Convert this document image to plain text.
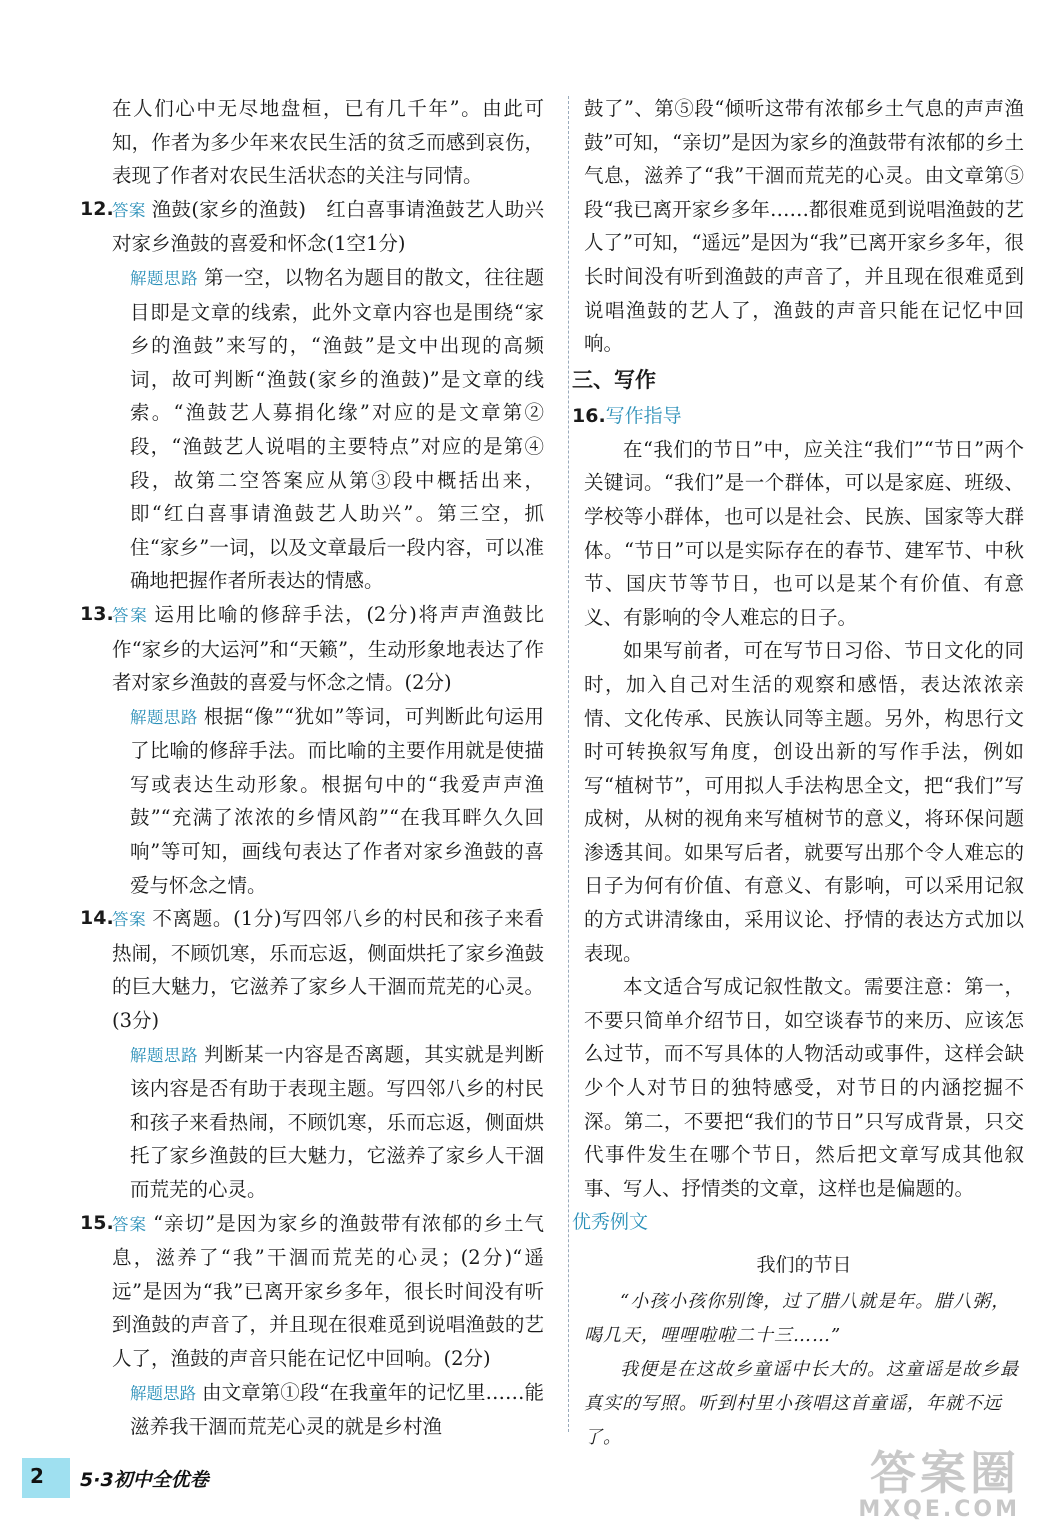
在人们心中无尽地盘桓，已有几千年”。由此可知，作者为多少年来农民生活的贫乏而感到哀伤，表现了作者对农民生活状态的关注与同情。

12.
答案 渔鼓(家乡的渔鼓)　红白喜事请渔鼓艺人助兴　对家乡渔鼓的喜爱和怀念(1空1分)

解题思路 第一空，以物名为题目的散文，往往题目即是文章的线索，此外文章内容也是围绕“家乡的渔鼓”来写的，“渔鼓”是文中出现的高频词，故可判断“渔鼓(家乡的渔鼓)”是文章的线索。“渔鼓艺人募捐化缘”对应的是文章第②段，“渔鼓艺人说唱的主要特点”对应的是第④段，故第二空答案应从第③段中概括出来，即“红白喜事请渔鼓艺人助兴”。第三空，抓住“家乡”一词，以及文章最后一段内容，可以准确地把握作者所表达的情感。

13.
答案 运用比喻的修辞手法，(2分)将声声渔鼓比作“家乡的大运河”和“天籁”，生动形象地表达了作者对家乡渔鼓的喜爱与怀念之情。(2分)

解题思路 根据“像”“犹如”等词，可判断此句运用了比喻的修辞手法。而比喻的主要作用就是使描写或表达生动形象。根据句中的“我爱声声渔鼓”“充满了浓浓的乡情风韵”“在我耳畔久久回响”等可知，画线句表达了作者对家乡渔鼓的喜爱与怀念之情。

14.
答案 不离题。(1分)写四邻八乡的村民和孩子来看热闹，不顾饥寒，乐而忘返，侧面烘托了家乡渔鼓的巨大魅力，它滋养了家乡人干涸而荒芜的心灵。(3分)

解题思路 判断某一内容是否离题，其实就是判断该内容是否有助于表现主题。写四邻八乡的村民和孩子来看热闹，不顾饥寒，乐而忘返，侧面烘托了家乡渔鼓的巨大魅力，它滋养了家乡人干涸而荒芜的心灵。

15.
答案 “亲切”是因为家乡的渔鼓带有浓郁的乡土气息，滋养了“我”干涸而荒芜的心灵；(2分)“遥远”是因为“我”已离开家乡多年，很长时间没有听到渔鼓的声音了，并且现在很难觅到说唱渔鼓的艺人了，渔鼓的声音只能在记忆中回响。(2分)

解题思路 由文章第①段“在我童年的记忆里……能滋养我干涸而荒芜心灵的就是乡村渔

鼓了”、第⑤段“倾听这带有浓郁乡土气息的声声渔鼓”可知，“亲切”是因为家乡的渔鼓带有浓郁的乡土气息，滋养了“我”干涸而荒芜的心灵。由文章第⑤段“我已离开家乡多年……都很难觅到说唱渔鼓的艺人了”可知，“遥远”是因为“我”已离开家乡多年，很长时间没有听到渔鼓的声音了，并且现在很难觅到说唱渔鼓的艺人了，渔鼓的声音只能在记忆中回响。

三、写作

16.写作指导

在“我们的节日”中，应关注“我们”“节日”两个关键词。“我们”是一个群体，可以是家庭、班级、学校等小群体，也可以是社会、民族、国家等大群体。“节日”可以是实际存在的春节、建军节、中秋节、国庆节等节日，也可以是某个有价值、有意义、有影响的令人难忘的日子。

如果写前者，可在写节日习俗、节日文化的同时，加入自己对生活的观察和感悟，表达浓浓亲情、文化传承、民族认同等主题。另外，构思行文时可转换叙写角度，创设出新的写作手法，例如写“植树节”，可用拟人手法构思全文，把“我们”写成树，从树的视角来写植树节的意义，将环保问题渗透其间。如果写后者，就要写出那个令人难忘的日子为何有价值、有意义、有影响，可以采用记叙的方式讲清缘由，采用议论、抒情的表达方式加以表现。

本文适合写成记叙性散文。需要注意：第一，不要只简单介绍节日，如空谈春节的来历、应该怎么过节，而不写具体的人物活动或事件，这样会缺少个人对节日的独特感受，对节日的内涵挖掘不深。第二，不要把“我们的节日”只写成背景，只交代事件发生在哪个节日，然后把文章写成其他叙事、写人、抒情类的文章，这样也是偏题的。

优秀例文

我们的节日

“小孩小孩你别馋，过了腊八就是年。腊八粥，喝几天，哩哩啦啦二十三……”

我便是在这故乡童谣中长大的。这童谣是故乡最真实的写照。听到村里小孩唱这首童谣，年就不远了。

2 5·3初中全优卷	答案圈
MXQE.COM
